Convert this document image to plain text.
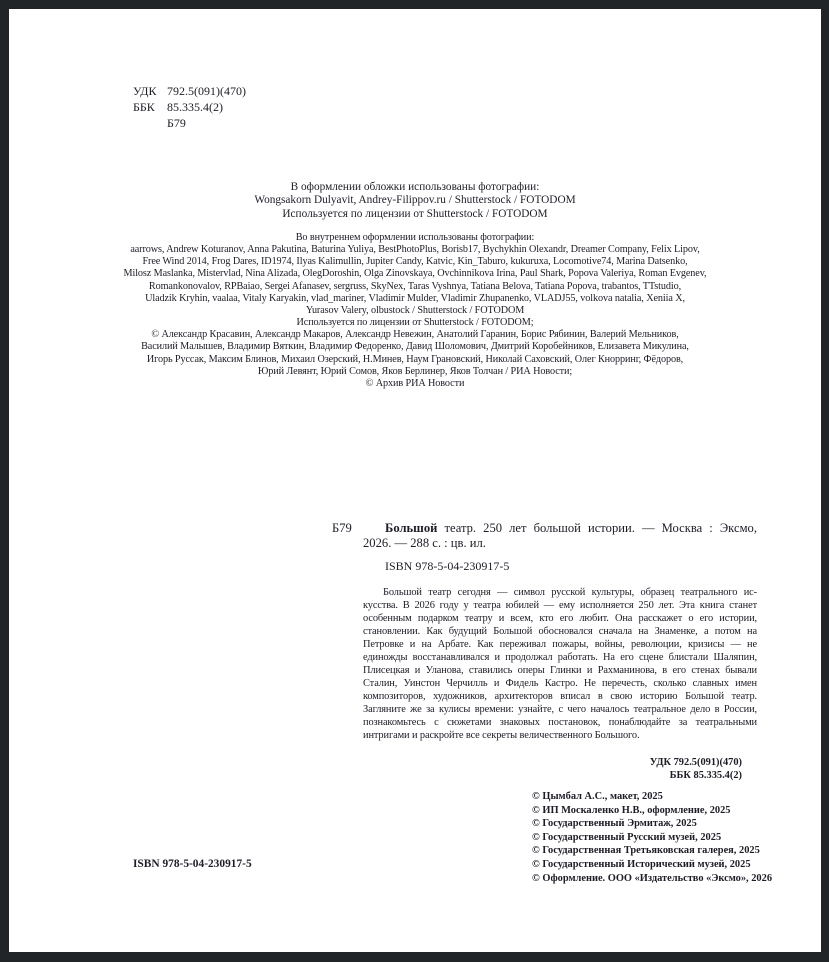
УДК 792.5(091)(470)
ББК	85.335.4(2)
Б79
В оформлении обложки использованы фотографии:
Wongsakorn Dulyavit, Andrey-Filippov.ru / Shutterstock / FOTODOM
Используется по лицензии от Shutterstock / FOTODOM
Во внутреннем оформлении использованы фотографии:
aarrows, Andrew Koturanov, Anna Pakutina, Baturina Yuliya, BestPhotoPlus, Borisb17, Bychykhin Olexandr, Dreamer Company, Felix Lipov,
Free Wind 2014, Frog Dares, ID1974, Ilyas Kalimullin, Jupiter Candy, Katvic, Kin_Taburo, kukuruxa, Locomotive74, Marina Datsenko,
Milosz Maslanka, Mistervlad, Nina Alizada, OlegDoroshin, Olga Zinovskaya, Ovchinnikova Irina, Paul Shark, Popova Valeriya, Roman Evgenev,
Romankonovalov, RPBaiao, Sergei Afanasev, sergruss, SkyNex, Taras Vyshnya, Tatiana Belova, Tatiana Popova, trabantos, TTstudio,
Uladzik Kryhin, vaalaa, Vitaly Karyakin, vlad_mariner, Vladimir Mulder, Vladimir Zhupanenko, VLADJ55, volkova natalia, Xeniia X,
Yurasov Valery, olbustock / Shutterstock / FOTODOM
Используется по лицензии от Shutterstock / FOTODOM;
© Александр Красавин, Александр Макаров, Александр Невежин, Анатолий Гаранин, Борис Рябинин, Валерий Мельников,
Василий Малышев, Владимир Вяткин, Владимир Федоренко, Давид Шоломович, Дмитрий Коробейников, Елизавета Микулина,
Игорь Руссак, Максим Блинов, Михаил Озерский, Н.Минев, Наум Грановский, Николай Саховский, Олег Кнорринг, Фёдоров,
Юрий Левянт, Юрий Сомов, Яков Берлинер, Яков Толчан / РИА Новости;
© Архив РИА Новости
Б79	Большой театр. 250 лет большой истории. — Москва : Эксмо,
2026. — 288 с. : цв. ил.
ISBN 978-5-04-230917-5
Большой театр сегодня — символ русской культуры, образец театрального ис-
кусства. В 2026 году у театра юбилей — ему исполняется 250 лет. Эта книга станет
особенным подарком театру и всем, кто его любит. Она расскажет о его истории,
становлении. Как будущий Большой обосновался сначала на Знаменке, а потом на
Петровке и на Арбате. Как переживал пожары, войны, революции, кризисы — не
единожды восстанавливался и продолжал работать. На его сцене блистали Шаляпин,
Плисецкая и Уланова, ставились оперы Глинки и Рахманинова, в его стенах бывали
Сталин, Уинстон Черчилль и Фидель Кастро. Не перечесть, сколько славных имен
композиторов, художников, архитекторов вписал в свою историю Большой театр.
Загляните же за кулисы времени: узнайте, с чего началось театральное дело в России,
познакомьтесь с сюжетами знаковых постановок, понаблюдайте за театральными
интригами и раскройте все секреты величественного Большого.
УДК 792.5(091)(470)
ББК 85.335.4(2)
© Цымбал А.С., макет, 2025
© ИП Москаленко Н.В., оформление, 2025
© Государственный Эрмитаж, 2025
© Государственный Русский музей, 2025
© Государственная Третьяковская галерея, 2025
© Государственный Исторический музей, 2025
© Оформление. ООО «Издательство «Эксмо», 2026
ISBN 978-5-04-230917-5
